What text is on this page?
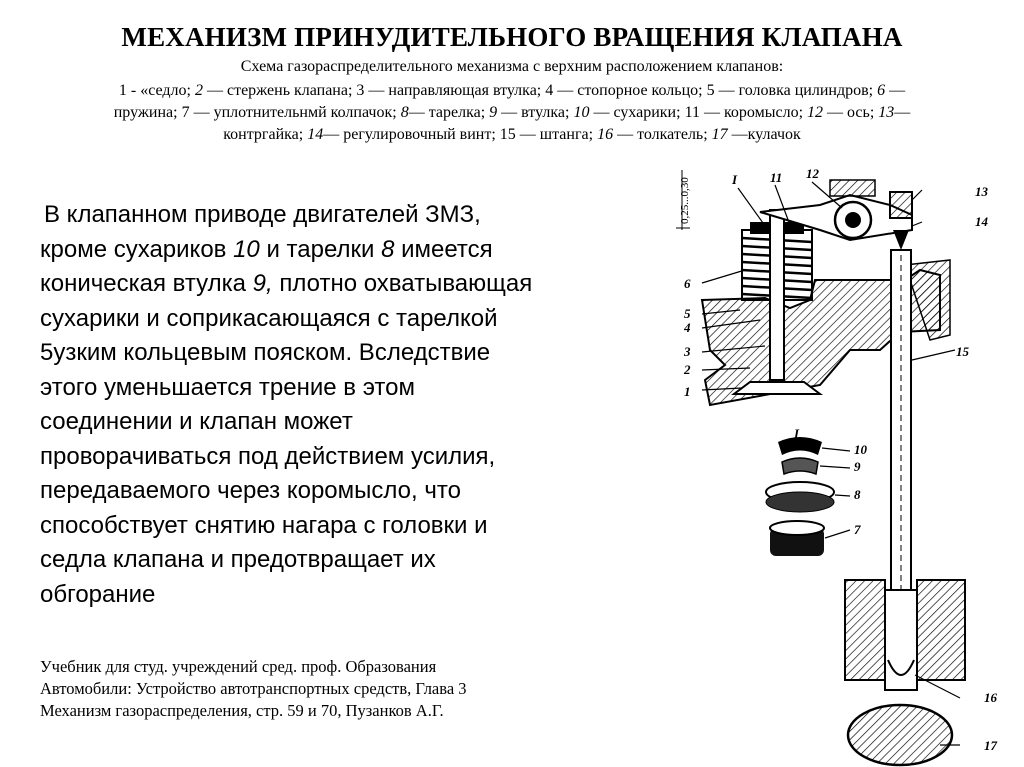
МЕХАНИЗМ ПРИНУДИТЕЛЬНОГО ВРАЩЕНИЯ КЛАПАНА
Схема газораспределительного механизма с верхним расположением клапанов:
1 - «седло; 2 — стержень клапана; 3 — направляющая втулка; 4 — стопорное кольцо; 5 — головка цилиндров; 6 —
пружина; 7 — уплотнительнмй колпачок; 8— тарелка; 9 — втулка; 10 — сухарики; 11 — коромысло; 12 — ось; 13—
контргайка; 14— регулировочный винт; 15 — штанга; 16 — толкатель; 17 —кулачок

В клапанном приводе двигателей ЗМЗ,

кроме сухариков 10 и тарелки 8 имеется

коническая втулка 9, плотно охватывающая

сухарики и соприкасающаяся с тарелкой

5узким кольцевым пояском. Вследствие

этого уменьшается трение в этом

соединении и клапан может

проворачиваться под действием усилия,

передаваемого через коромысло, что

способствует снятию нагара с головки и

седла клапана и предотвращает их

обгорание

Учебник для студ. учреждений сред. проф. Образования
Автомобили: Устройство автотранспортных средств, Глава 3
Механизм газораспределения, стр. 59 и 70, Пузанков А.Г.
0,25...0,30	I	11 12
13
14
6
5
4
3
2
1
15
I
10
9
8
7
16
17
